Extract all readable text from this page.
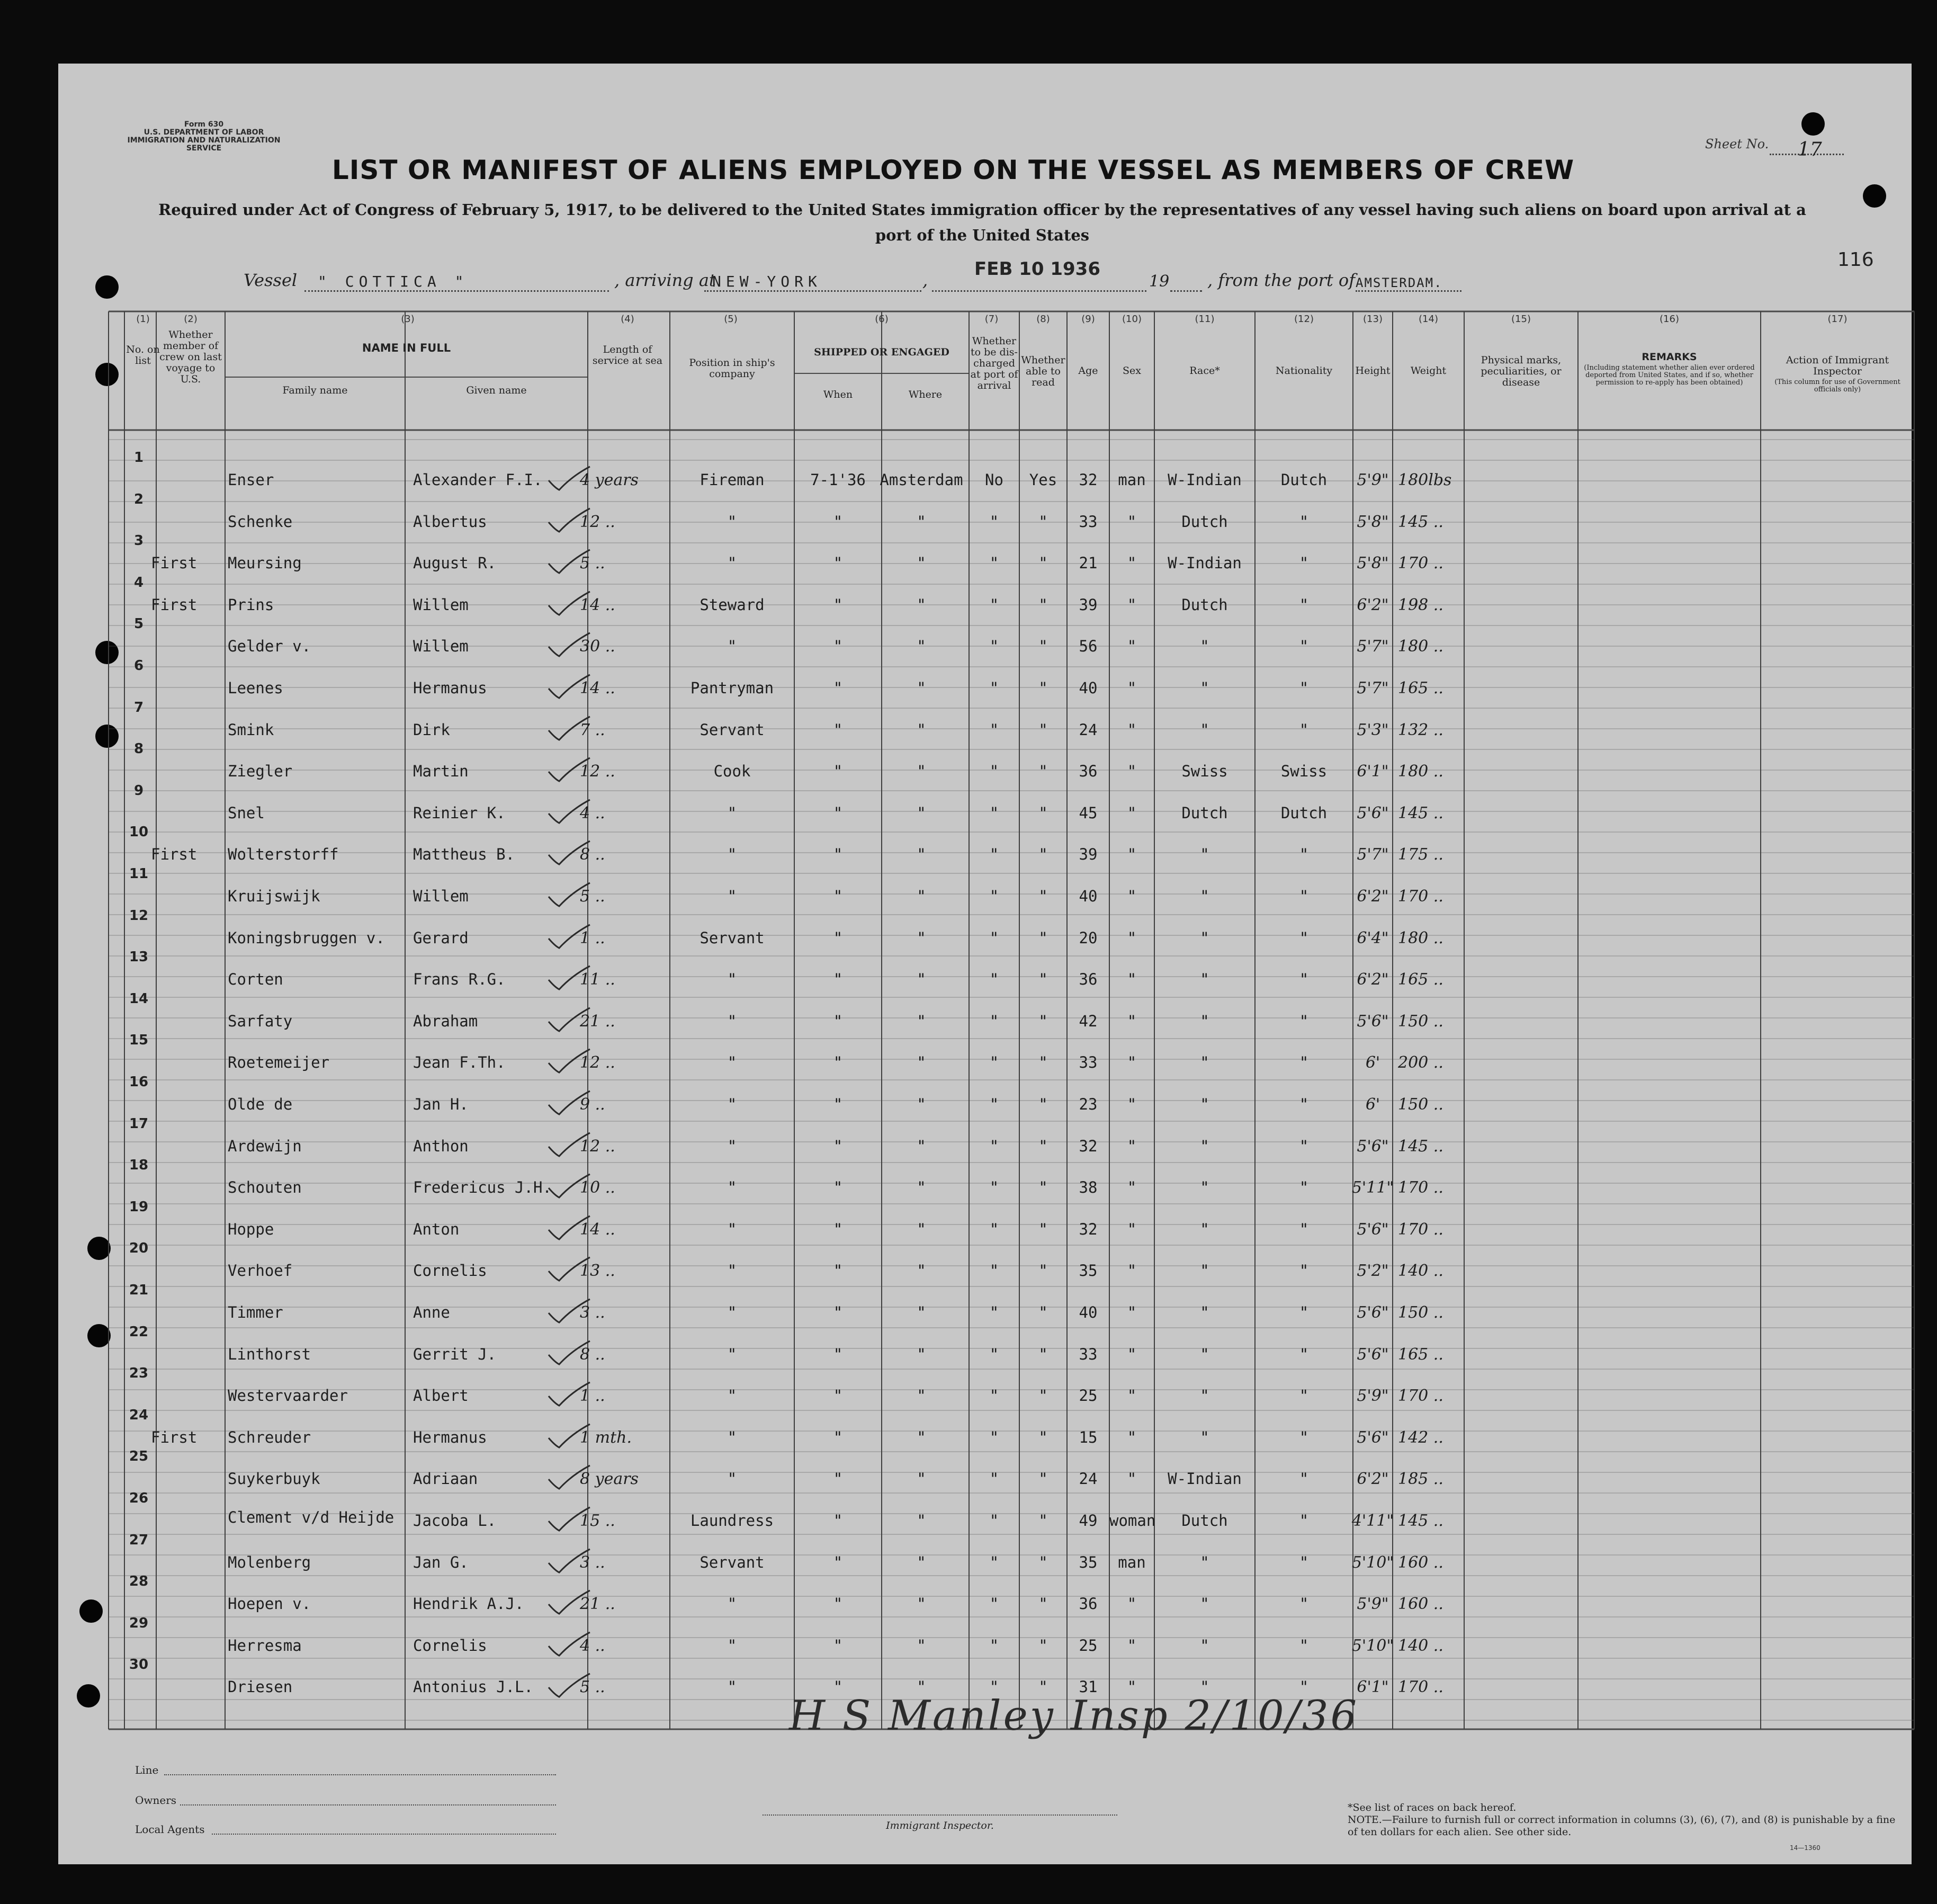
Form 630
U.S. DEPARTMENT OF LABOR
IMMIGRATION AND NATURALIZATION SERVICE	Sheet No. 17
LIST OR MANIFEST OF ALIENS EMPLOYED ON THE VESSEL AS MEMBERS OF CREW
Required under Act of Congress of February 5, 1917, to be delivered to the United States immigration officer by the representatives of any vessel having such aliens on board upon arrival at a
port of the United States
116
Vessel " COTTICA "	, arriving at
NEW-YORK	,
FEB 10 1936
19 , from the port of AMSTERDAM.
(1)	(2)	(3)	(4)	(5)	(6)	(7)	(8)	(9)	(10)	(11)	(12)	(13)	(14)	(15)	(16)	(17)
No. on list
Whether member of crew on last voyage to U.S.
NAME IN FULL
Family name	Given name
Length of service at sea	Position in ship's company
SHIPPED OR ENGAGED
When	Where
Whether to be dis-charged at port of arrival
Whether able to read
Age	Sex	Race*	Nationality	Height	Weight
Physical marks, peculiarities, or disease
REMARKS
(Including statement whether alien ever ordered deported from United States, and if so, whether permission to re-apply has been obtained)
Action of Immigrant Inspector
(This column for use of Government officials only)
1
Enser	Alexander F.I. 4 years	Fireman	7-1'36 Amsterdam	No	Yes	32	man	W-Indian	Dutch	5'9" 180lbs
2
Schenke	Albertus	12 ..	"	"	"	"	"	33	"	Dutch	"	5'8" 145 ..
3
First Meursing	August R.	5 ..	"	"	"	"	"	21	"	W-Indian	"	5'8" 170 ..
4
First Prins	Willem	14 ..	Steward	"	"	"	"	39	"	Dutch	"	6'2" 198 ..
5
Gelder v.	Willem	30 ..	"	"	"	"	"	56	"	"	"	5'7" 180 ..
6
Leenes	Hermanus	14 ..	Pantryman	"	"	"	"	40	"	"	"	5'7" 165 ..
7
Smink	Dirk	7 ..	Servant	"	"	"	"	24	"	"	"	5'3" 132 ..
8
Ziegler	Martin	12 ..	Cook	"	"	"	"	36	"	Swiss	Swiss	6'1" 180 ..
9
Snel	Reinier K.	4 ..	"	"	"	"	"	45	"	Dutch	Dutch	5'6" 145 ..
10
First Wolterstorff	Mattheus B.	8 ..	"	"	"	"	"	39	"	"	"	5'7" 175 ..
11
Kruijswijk	Willem	5 ..	"	"	"	"	"	40	"	"	"	6'2" 170 ..
12
Koningsbruggen v. Gerard	1 ..	Servant	"	"	"	"	20	"	"	"	6'4" 180 ..
13
Corten	Frans R.G.	11 ..	"	"	"	"	"	36	"	"	"	6'2" 165 ..
14
Sarfaty	Abraham	21 ..	"	"	"	"	"	42	"	"	"	5'6" 150 ..
15
Roetemeijer	Jean F.Th.	12 ..	"	"	"	"	"	33	"	"	"	6'	200 ..
16
Olde de	Jan H.	9 ..	"	"	"	"	"	23	"	"	"	6'	150 ..
17
Ardewijn	Anthon	12 ..	"	"	"	"	"	32	"	"	"	5'6" 145 ..
18
Schouten	Fredericus J.H. 10 ..	"	"	"	"	"	38	"	"	"	5'11" 170 ..
19
Hoppe	Anton	14 ..	"	"	"	"	"	32	"	"	"	5'6" 170 ..
20
Verhoef	Cornelis	13 ..	"	"	"	"	"	35	"	"	"	5'2" 140 ..
21
Timmer	Anne	3 ..	"	"	"	"	"	40	"	"	"	5'6" 150 ..
22
Linthorst	Gerrit J.	8 ..	"	"	"	"	"	33	"	"	"	5'6" 165 ..
23
Westervaarder	Albert	1 ..	"	"	"	"	"	25	"	"	"	5'9" 170 ..
24
First Schreuder	Hermanus	1 mth.	"	"	"	"	"	15	"	"	"	5'6" 142 ..
25
Suykerbuyk	Adriaan	8 years	"	"	"	"	"	24	"	W-Indian	"	6'2" 185 ..
26
Clement v/d Heijde Jacoba L.	15 ..	Laundress	"	"	"	"	49 woman	Dutch	"	4'11" 145 ..
27
Molenberg	Jan G.	3 ..	Servant	"	"	"	"	35	man	"	"	5'10" 160 ..
28
Hoepen v.	Hendrik A.J.	21 ..	"	"	"	"	"	36	"	"	"	5'9" 160 ..
29
Herresma	Cornelis	4 ..	"	"	"	"	"	25	"	"	"	5'10" 140 ..
30
Driesen	Antonius J.L.	5 ..	"	"	"	"	"	31	"	"	"	6'1" 170 ..
H S Manley Insp 2/10/36
Line
Owners
Local Agents	Immigrant Inspector.
*See list of races on back hereof.
NOTE.—Failure to furnish full or correct information in columns (3), (6), (7), and (8) is punishable by a fine of ten dollars for each alien. See other side.
14—1360
